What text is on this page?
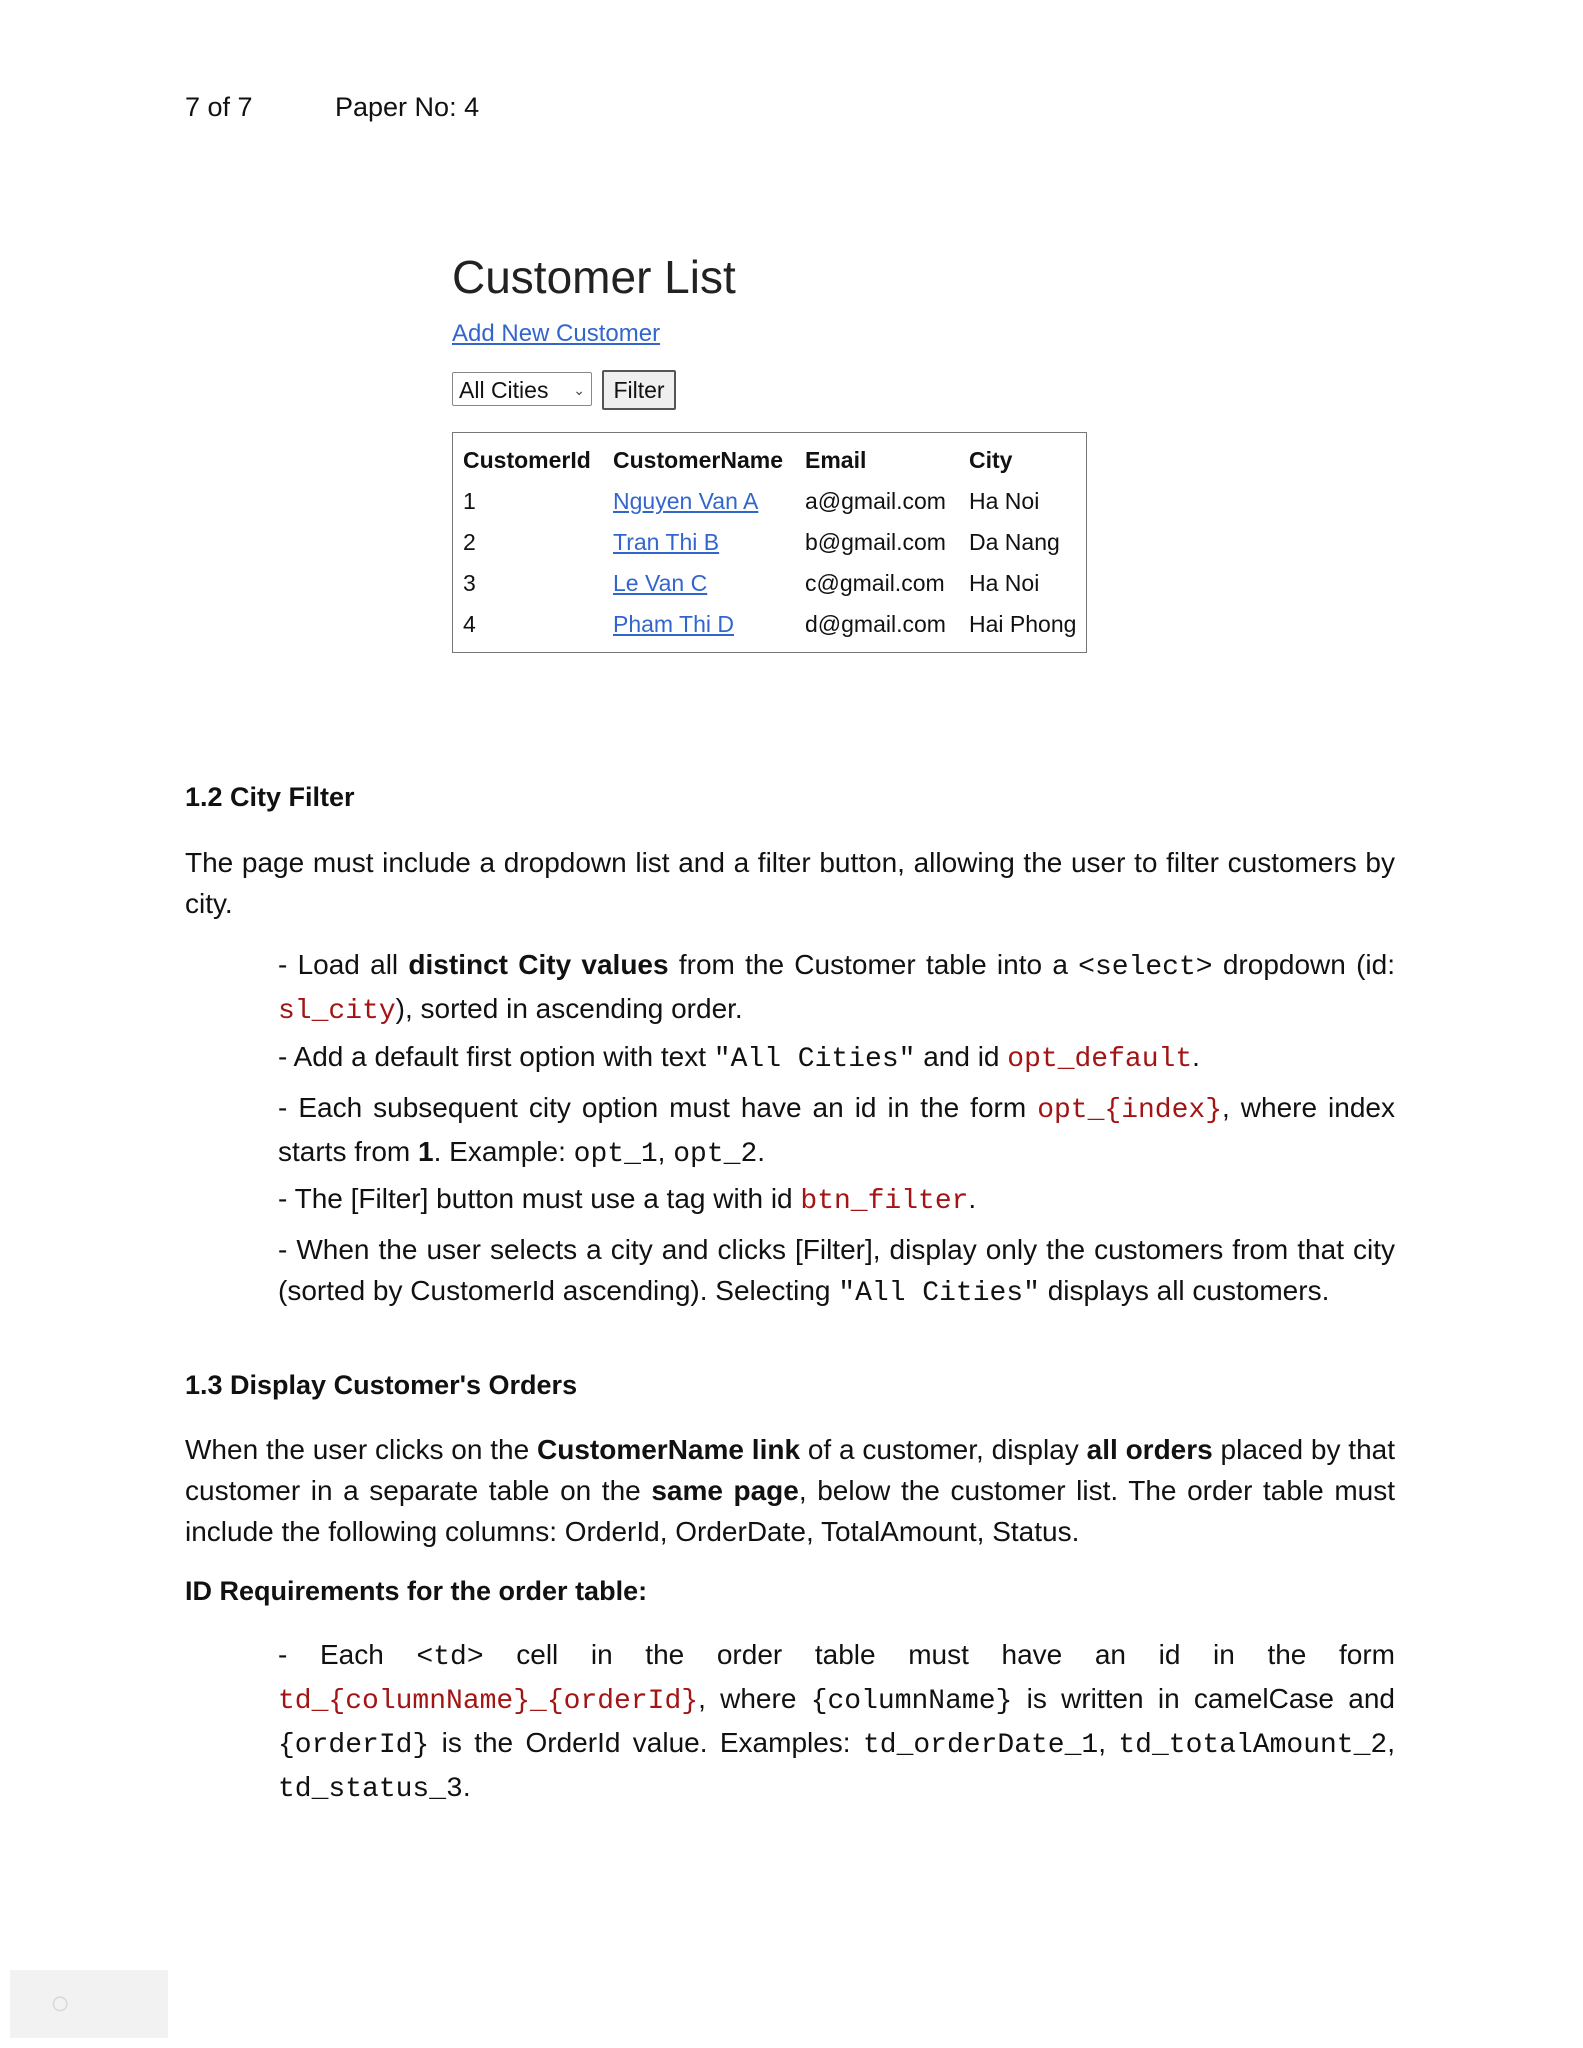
7 of 7	Paper No: 4
Customer List
Add New Customer
All Cities ⌄	Filter
CustomerId	CustomerName	Email	City
1	Nguyen Van A	a@gmail.com	Ha Noi
2	Tran Thi B	b@gmail.com	Da Nang
3	Le Van C	c@gmail.com	Ha Noi
4	Pham Thi D	d@gmail.com	Hai Phong
1.2 City Filter
The page must include a dropdown list and a filter button, allowing the user to filter customers by city.
- Load all distinct City values from the Customer table into a <select> dropdown (id: sl_city), sorted in ascending order.
- Add a default first option with text "All Cities" and id opt_default.
- Each subsequent city option must have an id in the form opt_{index}, where index starts from 1. Example: opt_1, opt_2.
- The [Filter] button must use a tag with id btn_filter.
- When the user selects a city and clicks [Filter], display only the customers from that city (sorted by CustomerId ascending). Selecting "All Cities" displays all customers.
1.3 Display Customer's Orders
When the user clicks on the CustomerName link of a customer, display all orders placed by that customer in a separate table on the same page, below the customer list. The order table must include the following columns: OrderId, OrderDate, TotalAmount, Status.
ID Requirements for the order table:
- Each <td> cell in the order table must have an id in the form td_{columnName}_{orderId}, where {columnName} is written in camelCase and {orderId} is the OrderId value. Examples: td_orderDate_1, td_totalAmount_2, td_status_3.
○
